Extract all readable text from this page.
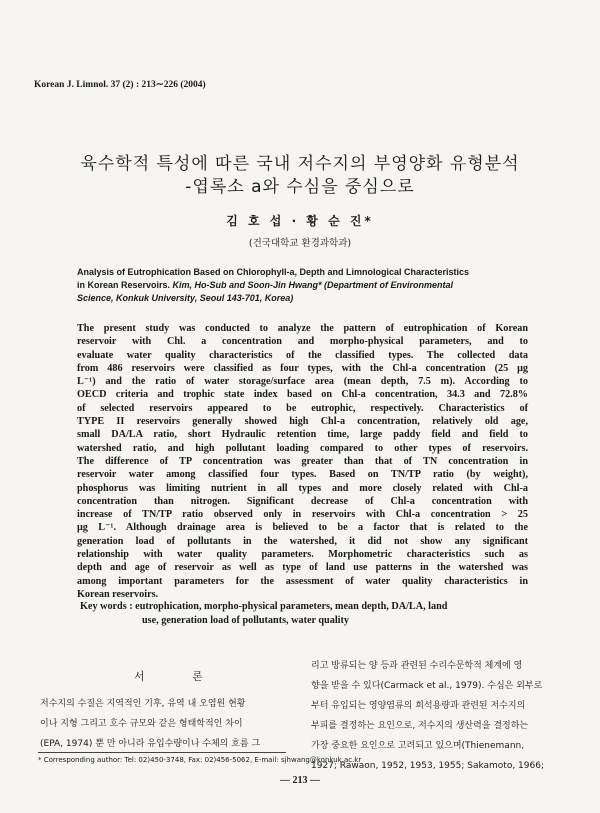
Korean J. Limnol. 37 (2) : 213∼226 (2004)
육수학적 특성에 따른 국내 저수지의 부영양화 유형분석
-엽록소 a와 수심을 중심으로
김 호 섭 · 황 순 진*
(건국대학교 환경과학과)
Analysis of Eutrophication Based on Chlorophyll-a, Depth and Limnological Characteristics
in Korean Reservoirs. Kim, Ho-Sub and Soon-Jin Hwang* (Department of Environmental
Science, Konkuk University, Seoul 143-701, Korea)
The present study was conducted to analyze the pattern of eutrophication of Korean
reservoir with Chl. a concentration and morpho-physical parameters, and to
evaluate water quality characteristics of the classified types. The collected data
from 486 reservoirs were classified as four types, with the Chl-a concentration (25 μg
L⁻¹) and the ratio of water storage/surface area (mean depth, 7.5 m). According to
OECD criteria and trophic state index based on Chl-a concentration, 34.3 and 72.8%
of selected reservoirs appeared to be eutrophic, respectively. Characteristics of
TYPE II reservoirs generally showed high Chl-a concentration, relatively old age,
small DA/LA ratio, short Hydraulic retention time, large paddy field and field to
watershed ratio, and high pollutant loading compared to other types of reservoirs.
The difference of TP concentration was greater than that of TN concentration in
reservoir water among classified four types. Based on TN/TP ratio (by weight),
phosphorus was limiting nutrient in all types and more closely related with Chl-a
concentration than nitrogen. Significant decrease of Chl-a concentration with
increase of TN/TP ratio observed only in reservoirs with Chl-a concentration > 25
μg L⁻¹. Although drainage area is believed to be a factor that is related to the
generation load of pollutants in the watershed, it did not show any significant
relationship with water quality parameters. Morphometric characteristics such as
depth and age of reservoir as well as type of land use patterns in the watershed was
among important parameters for the assessment of water quality characteristics in
Korean reservoirs.
Key words : eutrophication, morpho-physical parameters, mean depth, DA/LA, land
use, generation load of pollutants, water quality
서 론
저수지의 수질은 지역적인 기후, 유역 내 오염원 현황
이나 지형 그리고 호수 규모와 같은 형태학적인 차이
(EPA, 1974) 뿐 만 아니라 유입수량이나 수체의 흐름 그
리고 방류되는 양 등과 관련된 수리수문학적 체계에 영
향을 받을 수 있다(Carmack et al., 1979). 수심은 외부로
부터 유입되는 영양염류의 희석용량과 관련된 저수지의
부피를 결정하는 요인으로, 저수지의 생산력을 결정하는
가장 중요한 요인으로 고려되고 있으며(Thienemann,
1927; Rawaon, 1952, 1953, 1955; Sakamoto, 1966;
* Corresponding author: Tel: 02)450-3748, Fax: 02)456-5062, E-mail: sjhwang@konkuk.ac.kr
— 213 —
